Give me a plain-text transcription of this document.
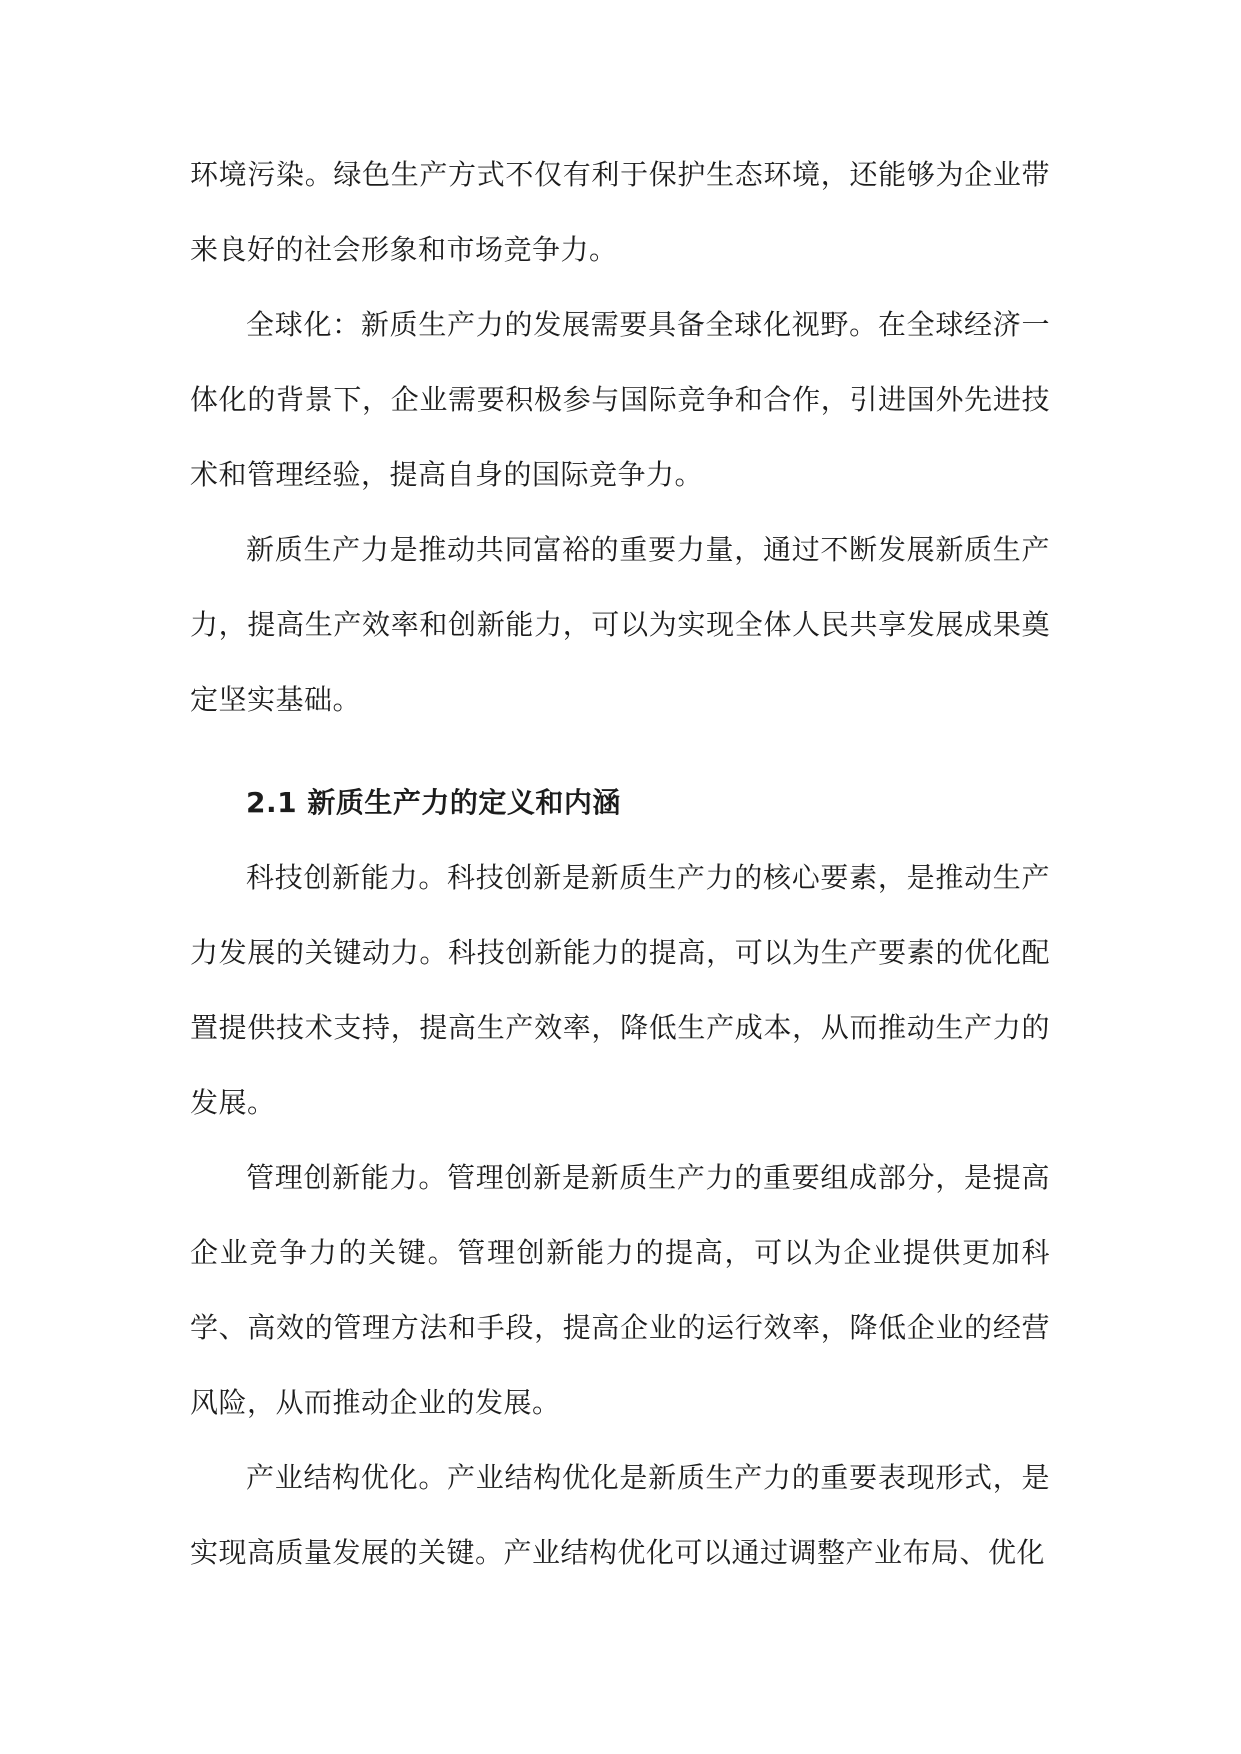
环境污染。绿色生产方式不仅有利于保护生态环境，还能够为企业带来良好的社会形象和市场竞争力。

全球化：新质生产力的发展需要具备全球化视野。在全球经济一体化的背景下，企业需要积极参与国际竞争和合作，引进国外先进技术和管理经验，提高自身的国际竞争力。

新质生产力是推动共同富裕的重要力量，通过不断发展新质生产力，提高生产效率和创新能力，可以为实现全体人民共享发展成果奠定坚实基础。

2.1 新质生产力的定义和内涵

科技创新能力。科技创新是新质生产力的核心要素，是推动生产力发展的关键动力。科技创新能力的提高，可以为生产要素的优化配置提供技术支持，提高生产效率，降低生产成本，从而推动生产力的发展。

管理创新能力。管理创新是新质生产力的重要组成部分，是提高企业竞争力的关键。管理创新能力的提高，可以为企业提供更加科学、高效的管理方法和手段，提高企业的运行效率，降低企业的经营风险，从而推动企业的发展。

产业结构优化。产业结构优化是新质生产力的重要表现形式，是实现高质量发展的关键。产业结构优化可以通过调整产业布局、优化
